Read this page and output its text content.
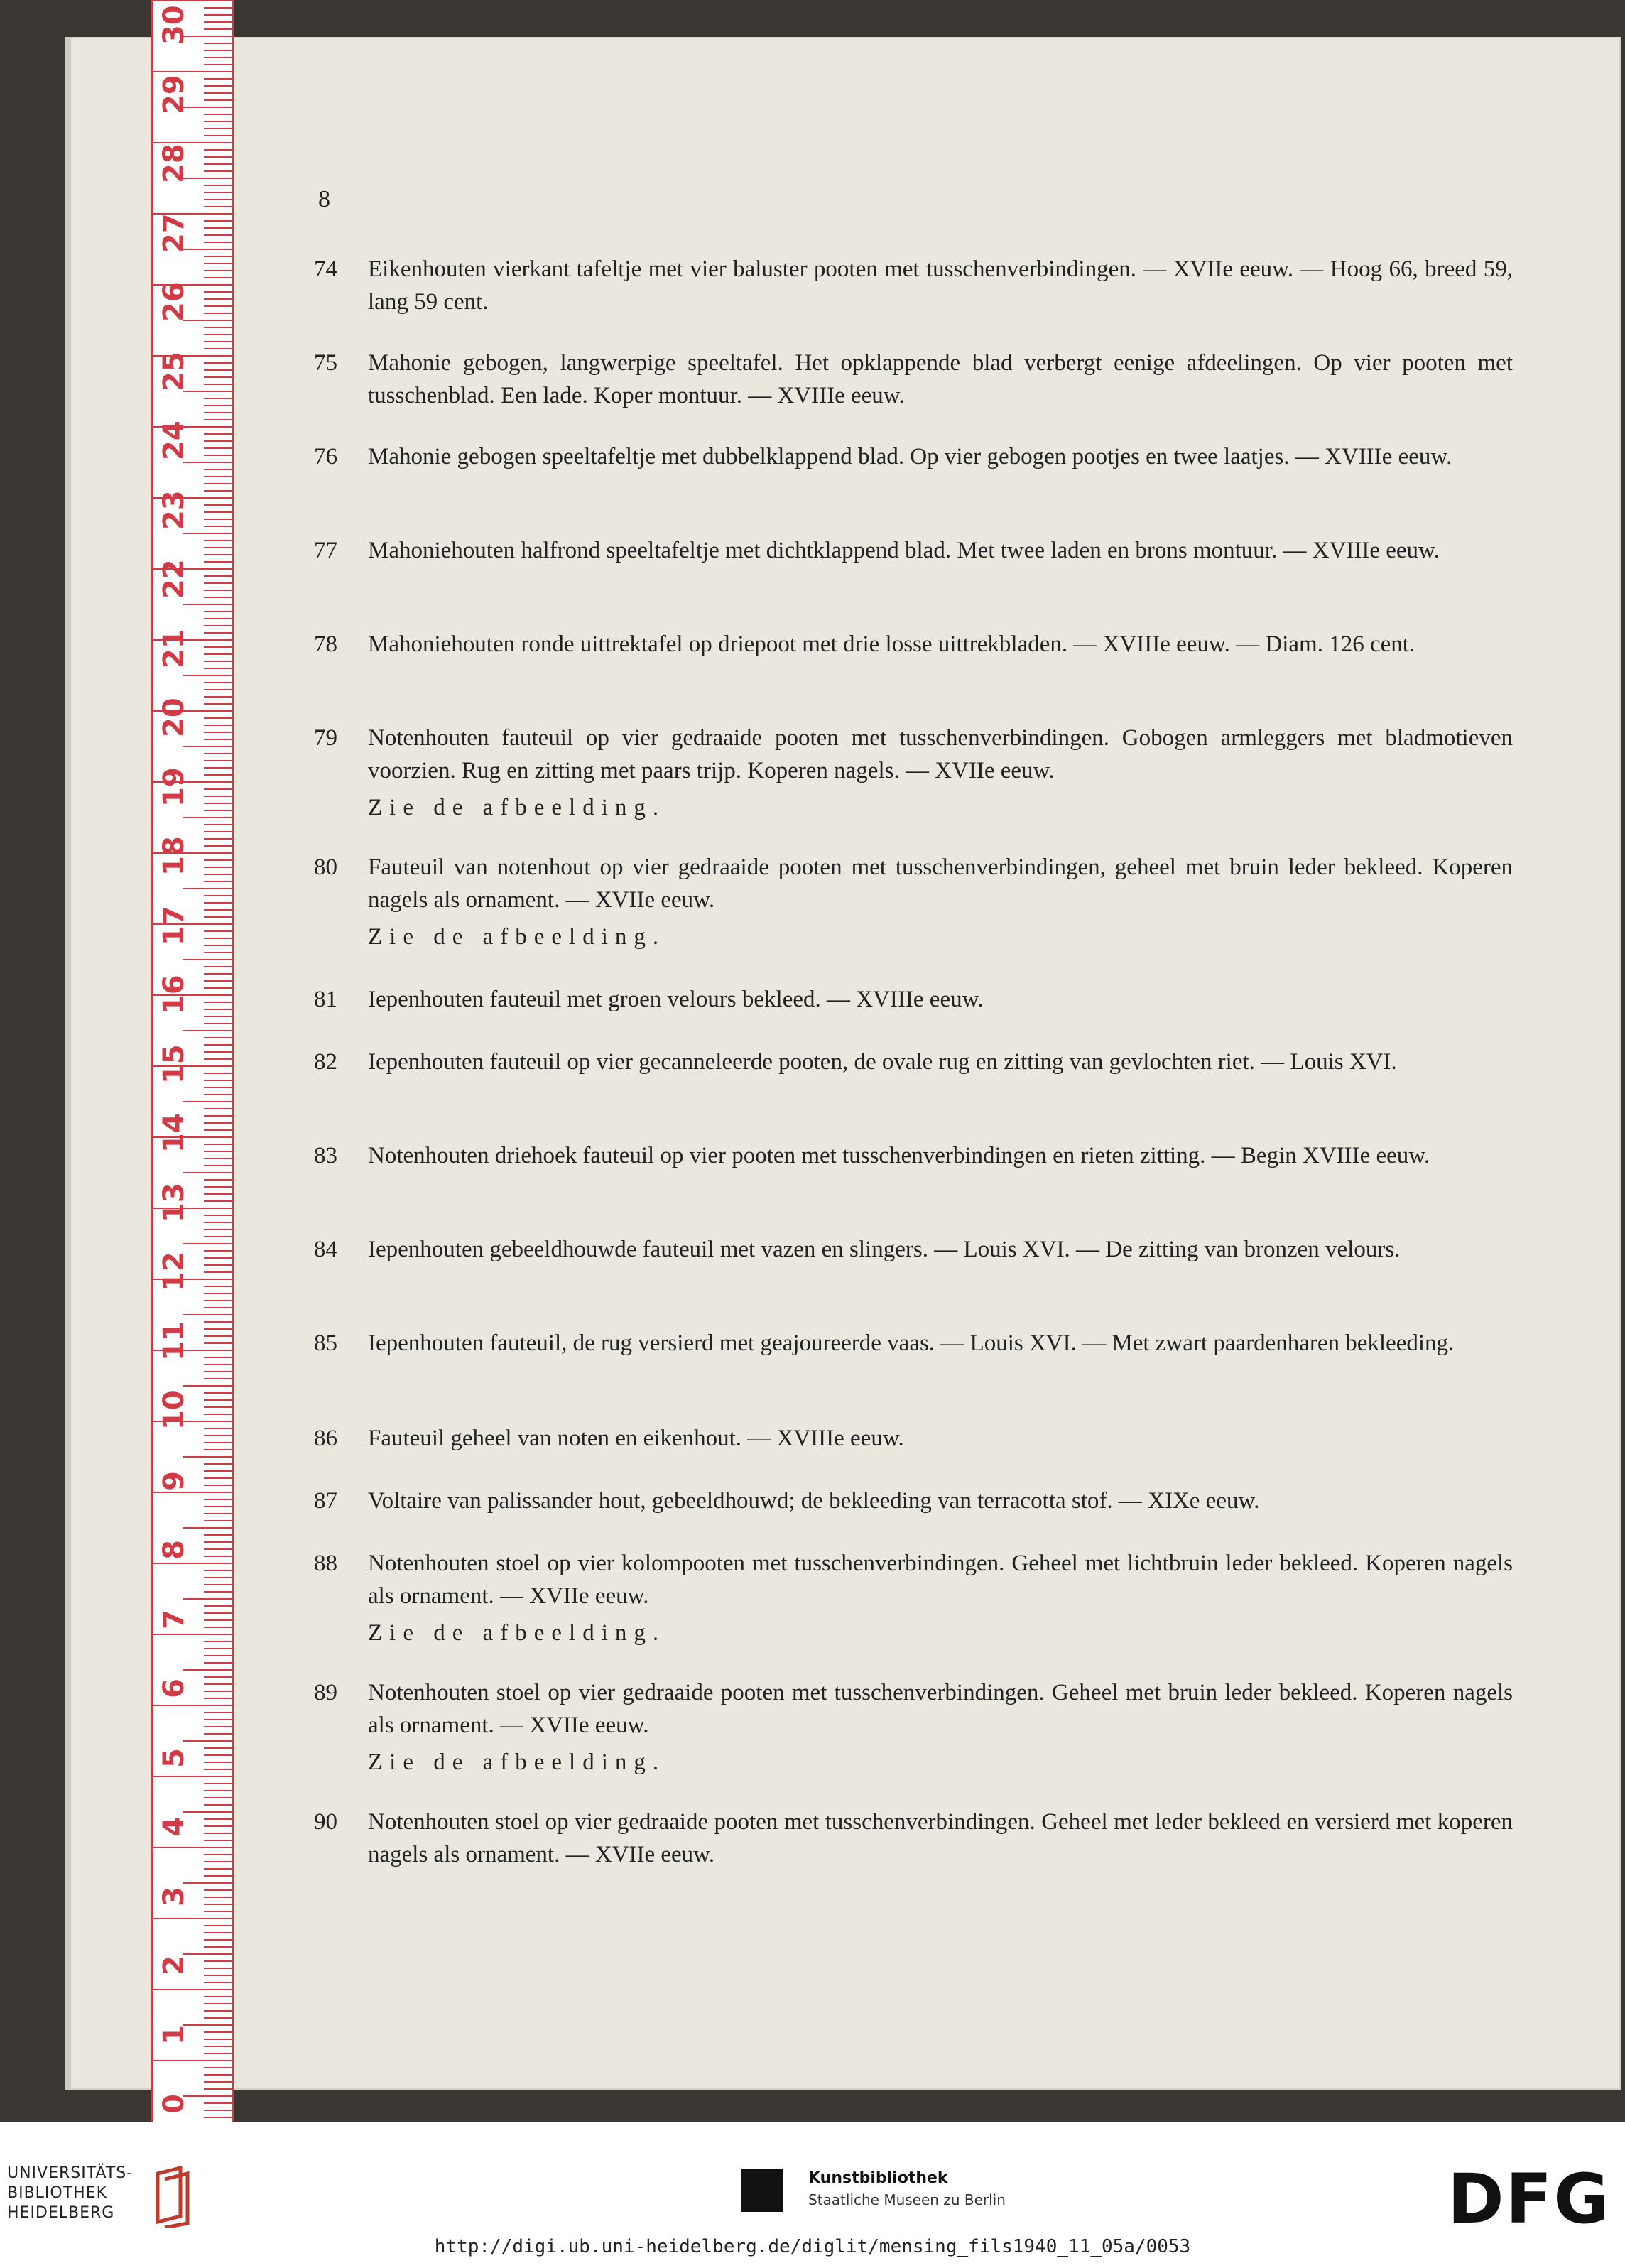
30
29
28
27
26
25
24
23
22
21
20
19
18
17
16
15
14
13
12
11
10
9
8
7
6
5
4
3
2
1
0
8
74	Eikenhouten vierkant tafeltje met vier baluster pooten met tusschenverbindingen. — XVIIe eeuw. — Hoog 66, breed 59, lang 59 cent.
75	Mahonie gebogen, langwerpige speeltafel. Het opklappende blad verbergt eenige afdeelingen. Op vier pooten met tusschenblad. Een lade. Koper montuur. — XVIIIe eeuw.
76	Mahonie gebogen speeltafeltje met dubbelklappend blad. Op vier gebogen pootjes en twee laatjes. — XVIIIe eeuw.
77	Mahoniehouten halfrond speeltafeltje met dichtklappend blad. Met twee laden en brons montuur. — XVIIIe eeuw.
78	Mahoniehouten ronde uittrektafel op driepoot met drie losse uittrekbladen. — XVIIIe eeuw. — Diam. 126 cent.
79	Notenhouten fauteuil op vier gedraaide pooten met tusschenverbindingen. Gobogen armleggers met bladmotieven voorzien. Rug en zitting met paars trijp. Koperen nagels. — XVIIe eeuw.
Zie de afbeelding.
80	Fauteuil van notenhout op vier gedraaide pooten met tusschenverbindingen, geheel met bruin leder bekleed. Koperen nagels als ornament. — XVIIe eeuw.
Zie de afbeelding.
81	Iepenhouten fauteuil met groen velours bekleed. — XVIIIe eeuw.
82	Iepenhouten fauteuil op vier gecanneleerde pooten, de ovale rug en zitting van gevlochten riet. — Louis XVI.
83	Notenhouten driehoek fauteuil op vier pooten met tusschenverbindingen en rieten zitting. — Begin XVIIIe eeuw.
84	Iepenhouten gebeeldhouwde fauteuil met vazen en slingers. — Louis XVI. — De zitting van bronzen velours.
85	Iepenhouten fauteuil, de rug versierd met geajoureerde vaas. — Louis XVI. — Met zwart paardenharen bekleeding.
86	Fauteuil geheel van noten en eikenhout. — XVIIIe eeuw.
87	Voltaire van palissander hout, gebeeldhouwd; de bekleeding van terracotta stof. — XIXe eeuw.
88	Notenhouten stoel op vier kolompooten met tusschenverbindingen. Geheel met lichtbruin leder bekleed. Koperen nagels als ornament. — XVIIe eeuw.
Zie de afbeelding.
89	Notenhouten stoel op vier gedraaide pooten met tusschenverbindingen. Geheel met bruin leder bekleed. Koperen nagels als ornament. — XVIIe eeuw.
Zie de afbeelding.
90	Notenhouten stoel op vier gedraaide pooten met tusschenverbindingen. Geheel met leder bekleed en versierd met koperen nagels als ornament. — XVIIe eeuw.
UNIVERSITÄTS-
BIBLIOTHEK
HEIDELBERG
Kunstbibliothek
Staatliche Museen zu Berlin	DFG
http://digi.ub.uni-heidelberg.de/diglit/mensing_fils1940_11_05a/0053
